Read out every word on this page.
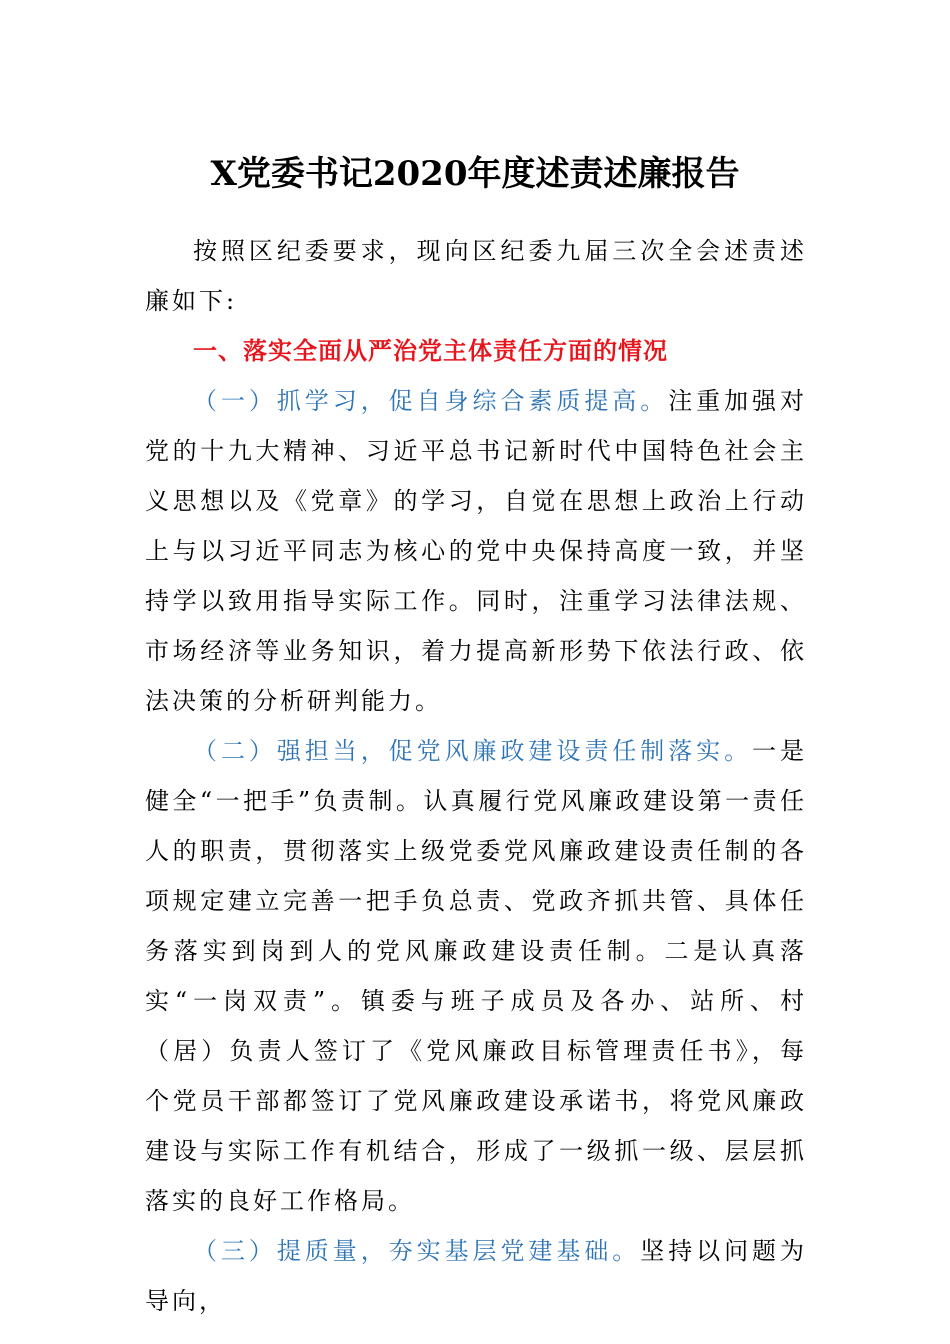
X党委书记2020年度述责述廉报告

按照区纪委要求，现向区纪委九届三次全会述责述廉如下:

一、落实全面从严治党主体责任方面的情况

（一）抓学习，促自身综合素质提高。注重加强对党的十九大精神、习近平总书记新时代中国特色社会主义思想以及《党章》的学习，自觉在思想上政治上行动上与以习近平同志为核心的党中央保持高度一致，并坚持学以致用指导实际工作。同时，注重学习法律法规、市场经济等业务知识，着力提高新形势下依法行政、依法决策的分析研判能力。

（二）强担当，促党风廉政建设责任制落实。一是健全“一把手”负责制。认真履行党风廉政建设第一责任人的职责，贯彻落实上级党委党风廉政建设责任制的各项规定建立完善一把手负总责、党政齐抓共管、具体任务落实到岗到人的党风廉政建设责任制。二是认真落实“一岗双责”。镇委与班子成员及各办、站所、村（居）负责人签订了《党风廉政目标管理责任书》，每个党员干部都签订了党风廉政建设承诺书，将党风廉政建设与实际工作有机结合，形成了一级抓一级、层层抓落实的良好工作格局。

（三）提质量，夯实基层党建基础。坚持以问题为导向，
